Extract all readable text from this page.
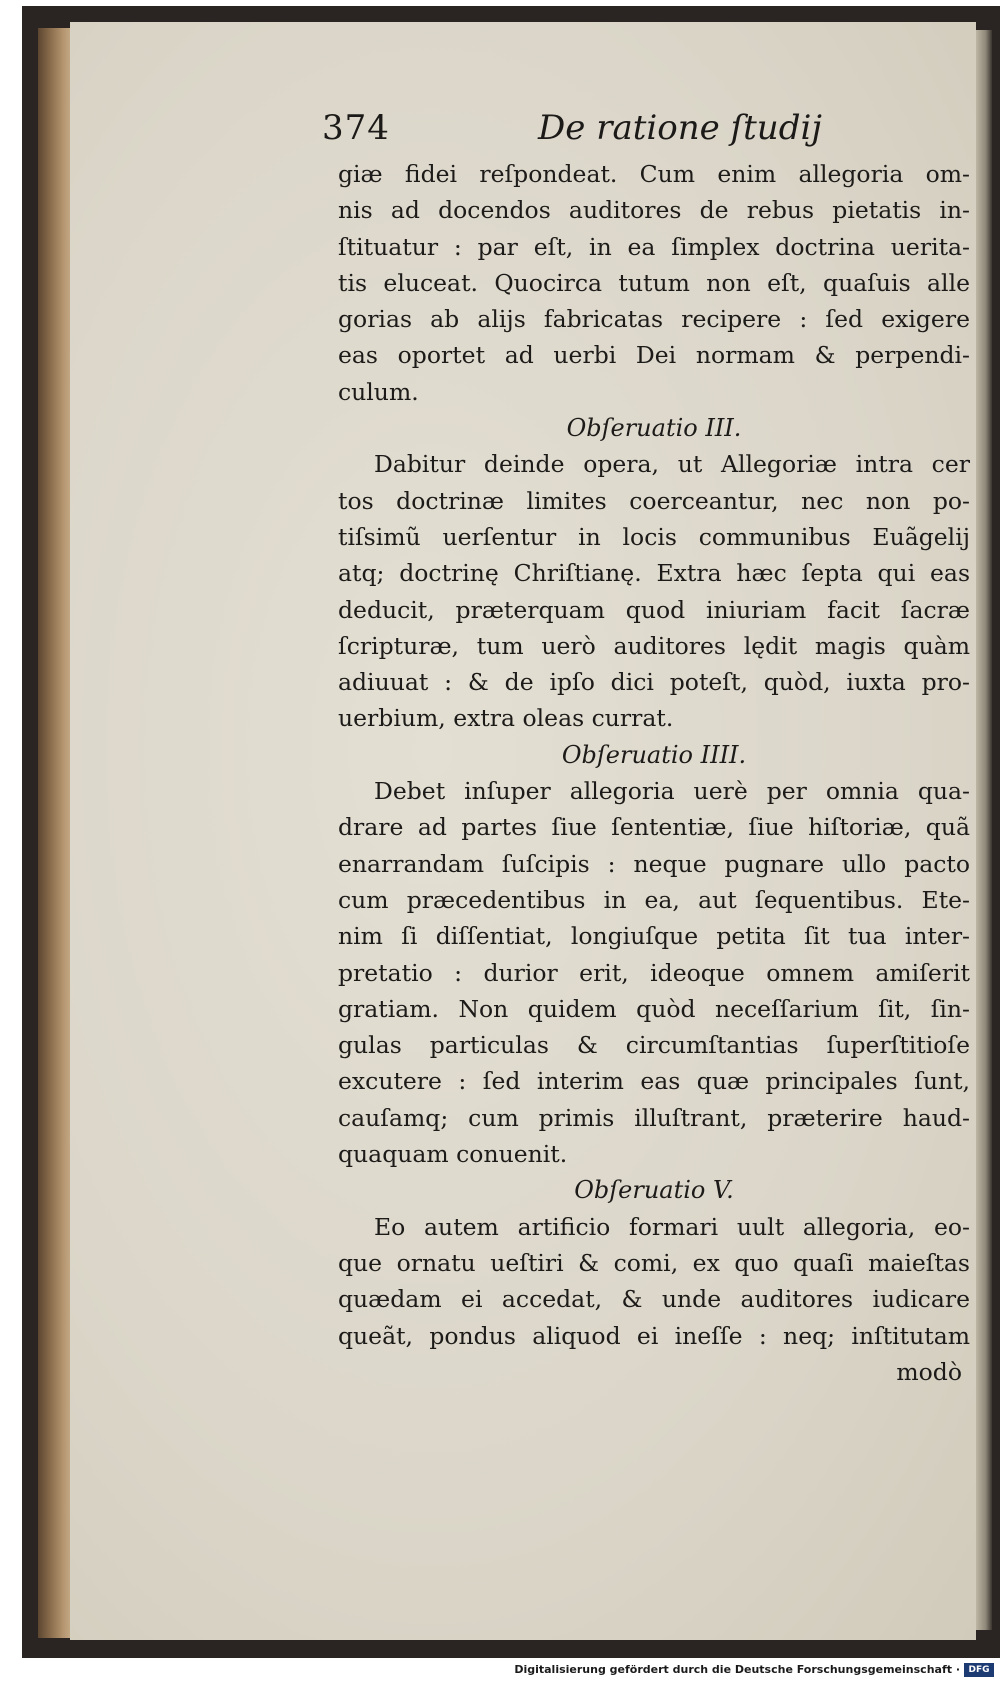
374	De ratione ſtudij
giæ fidei reſpondeat. Cum enim allegoria om-
nis ad docendos auditores de rebus pietatis in-
ſtituatur : par eſt, in ea ſimplex doctrina uerita-
tis eluceat. Quocirca tutum non eſt, quaſuis alle
gorias ab alijs fabricatas recipere : ſed exigere
eas oportet ad uerbi Dei normam & perpendi-
culum.
Obſeruatio III.
Dabitur deinde opera, ut Allegoriæ intra cer
tos doctrinæ limites coerceantur, nec non po-
tiſsimũ uerſentur in locis communibus Euãgelij
atq; doctrinę Chriſtianę. Extra hæc ſepta qui eas
deducit, præterquam quod iniuriam facit ſacræ
ſcripturæ, tum uerò auditores lędit magis quàm
adiuuat : & de ipſo dici poteſt, quòd, iuxta pro-
uerbium, extra oleas currat.
Obſeruatio IIII.
Debet inſuper allegoria uerè per omnia qua-
drare ad partes ſiue ſententiæ, ſiue hiſtoriæ, quã
enarrandam ſuſcipis : neque pugnare ullo pacto
cum præcedentibus in ea, aut ſequentibus. Ete-
nim ſi diſſentiat, longiuſque petita ſit tua inter-
pretatio : durior erit, ideoque omnem amiſerit
gratiam. Non quidem quòd neceſſarium ſit, ſin-
gulas particulas & circumſtantias ſuperſtitioſe
excutere : ſed interim eas quæ principales ſunt,
cauſamq; cum primis illuſtrant, præterire haud-
quaquam conuenit.
Obſeruatio V.
Eo autem artificio formari uult allegoria, eo-
que ornatu ueſtiri & comi, ex quo quaſi maieſtas
quædam ei accedat, & unde auditores iudicare
queãt, pondus aliquod ei ineſſe : neq; inſtitutam
modò
Digitalisierung gefördert durch die Deutsche Forschungsgemeinschaft · DFG
